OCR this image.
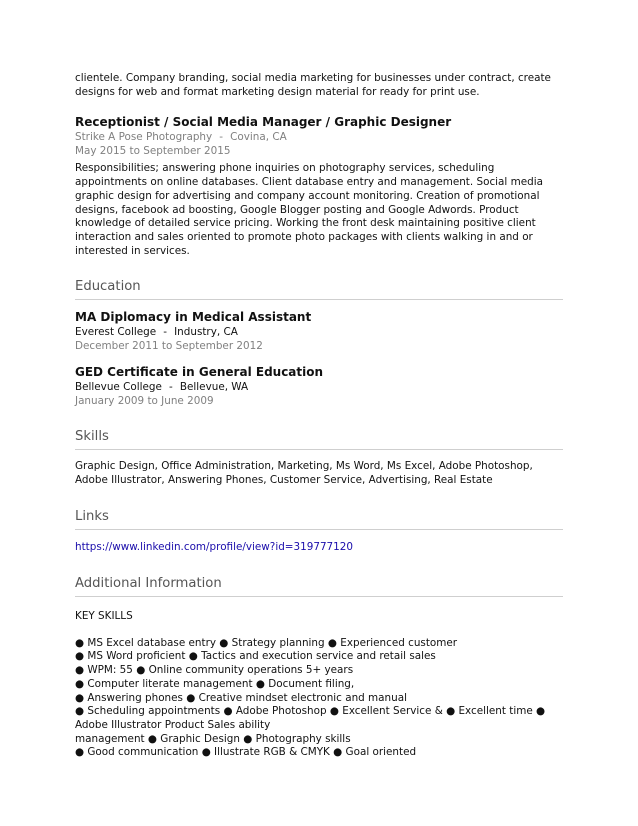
clientele. Company branding, social media marketing for businesses under contract, create designs for web and format marketing design material for ready for print use.

Receptionist / Social Media Manager / Graphic Designer

Strike A Pose Photography - Covina, CA

May 2015 to September 2015

Responsibilities; answering phone inquiries on photography services, scheduling appointments on online databases. Client database entry and management. Social media graphic design for advertising and company account monitoring. Creation of promotional designs, facebook ad boosting, Google Blogger posting and Google Adwords. Product knowledge of detailed service pricing. Working the front desk maintaining positive client interaction and sales oriented to promote photo packages with clients walking in and or interested in services.

Education

MA Diplomacy in Medical Assistant

Everest College - Industry, CA

December 2011 to September 2012

GED Certificate in General Education

Bellevue College - Bellevue, WA

January 2009 to June 2009

Skills

Graphic Design, Office Administration, Marketing, Ms Word, Ms Excel, Adobe Photoshop, Adobe Illustrator, Answering Phones, Customer Service, Advertising, Real Estate

Links

https://www.linkedin.com/profile/view?id=319777120

Additional Information

KEY SKILLS

● MS Excel database entry ● Strategy planning ● Experienced customer

● MS Word proficient ● Tactics and execution service and retail sales

● WPM: 55 ● Online community operations 5+ years

● Computer literate management ● Document filing,

● Answering phones ● Creative mindset electronic and manual

● Scheduling appointments ● Adobe Photoshop ● Excellent Service & ● Excellent time ● Adobe Illustrator Product Sales ability

management ● Graphic Design ● Photography skills

● Good communication ● Illustrate RGB & CMYK ● Goal oriented
